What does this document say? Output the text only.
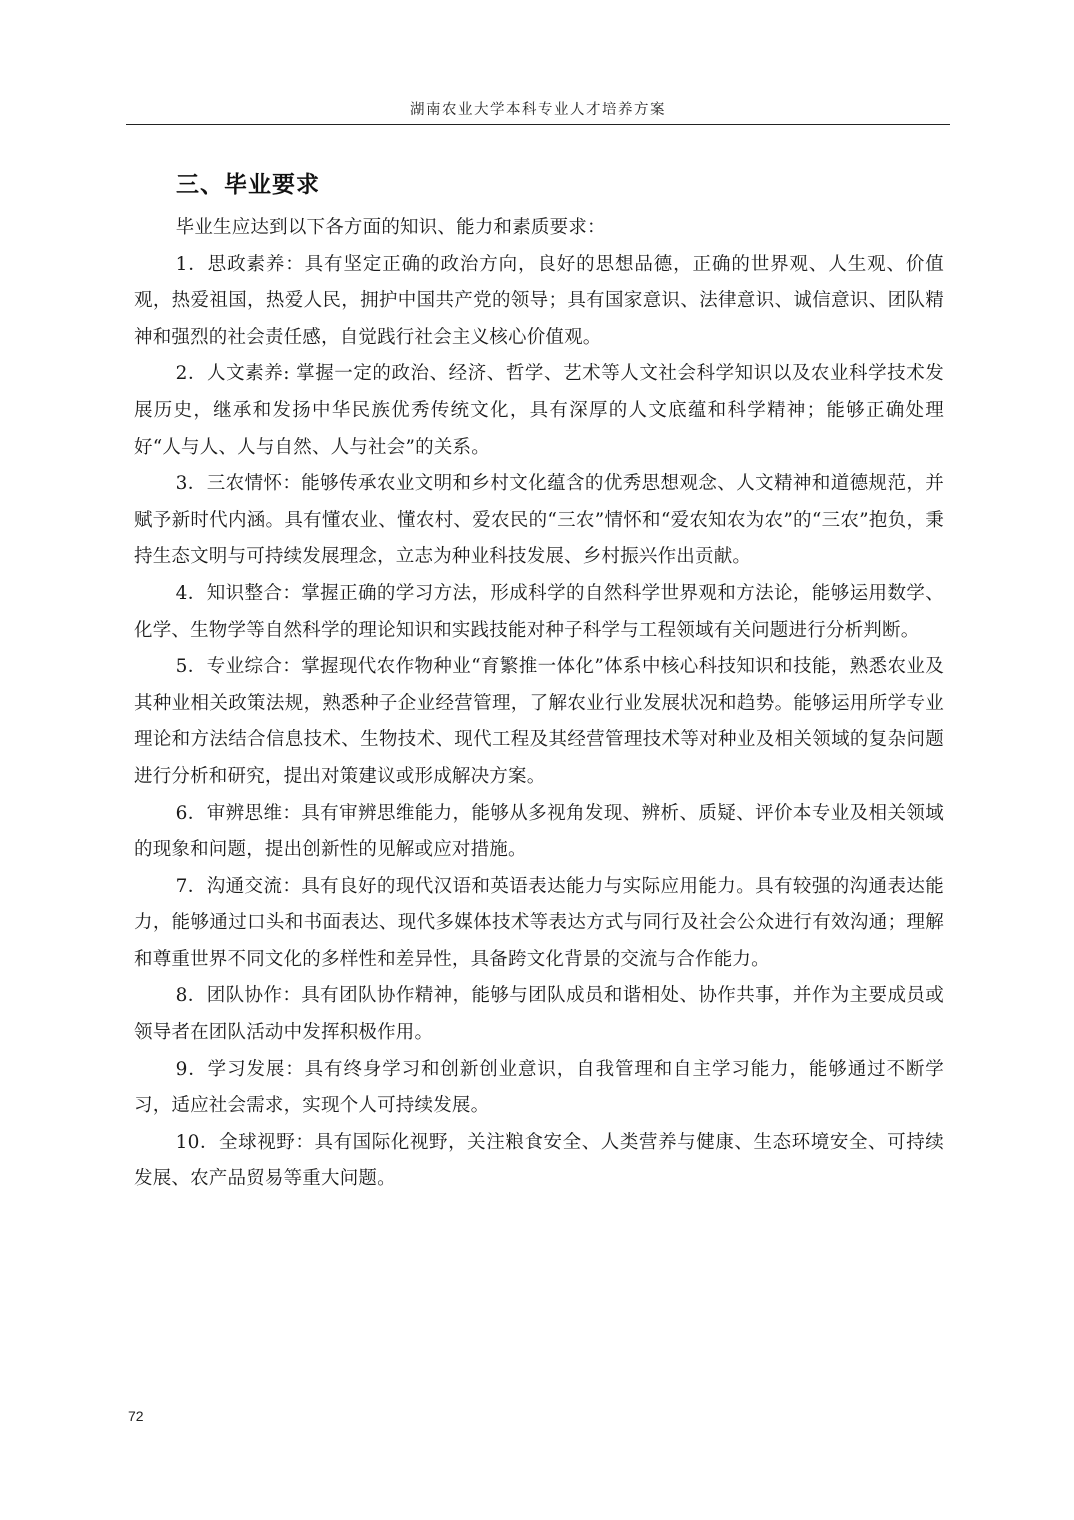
湖南农业大学本科专业人才培养方案
三、毕业要求

毕业生应达到以下各方面的知识、能力和素质要求：

1．思政素养：具有坚定正确的政治方向，良好的思想品德，正确的世界观、人生观、价值观，热爱祖国，热爱人民，拥护中国共产党的领导；具有国家意识、法律意识、诚信意识、团队精神和强烈的社会责任感，自觉践行社会主义核心价值观。

2．人文素养: 掌握一定的政治、经济、哲学、艺术等人文社会科学知识以及农业科学技术发展历史，继承和发扬中华民族优秀传统文化，具有深厚的人文底蕴和科学精神；能够正确处理好“人与人、人与自然、人与社会”的关系。

3．三农情怀：能够传承农业文明和乡村文化蕴含的优秀思想观念、人文精神和道德规范，并赋予新时代内涵。具有懂农业、懂农村、爱农民的“三农”情怀和“爱农知农为农”的“三农”抱负，秉持生态文明与可持续发展理念，立志为种业科技发展、乡村振兴作出贡献。

4．知识整合：掌握正确的学习方法，形成科学的自然科学世界观和方法论，能够运用数学、化学、生物学等自然科学的理论知识和实践技能对种子科学与工程领域有关问题进行分析判断。

5．专业综合：掌握现代农作物种业“育繁推一体化”体系中核心科技知识和技能，熟悉农业及其种业相关政策法规，熟悉种子企业经营管理，了解农业行业发展状况和趋势。能够运用所学专业理论和方法结合信息技术、生物技术、现代工程及其经营管理技术等对种业及相关领域的复杂问题进行分析和研究，提出对策建议或形成解决方案。

6．审辨思维：具有审辨思维能力，能够从多视角发现、辨析、质疑、评价本专业及相关领域的现象和问题，提出创新性的见解或应对措施。

7．沟通交流：具有良好的现代汉语和英语表达能力与实际应用能力。具有较强的沟通表达能力，能够通过口头和书面表达、现代多媒体技术等表达方式与同行及社会公众进行有效沟通；理解和尊重世界不同文化的多样性和差异性，具备跨文化背景的交流与合作能力。

8．团队协作：具有团队协作精神，能够与团队成员和谐相处、协作共事，并作为主要成员或领导者在团队活动中发挥积极作用。

9．学习发展：具有终身学习和创新创业意识，自我管理和自主学习能力，能够通过不断学习，适应社会需求，实现个人可持续发展。

10．全球视野：具有国际化视野，关注粮食安全、人类营养与健康、生态环境安全、可持续发展、农产品贸易等重大问题。

72
